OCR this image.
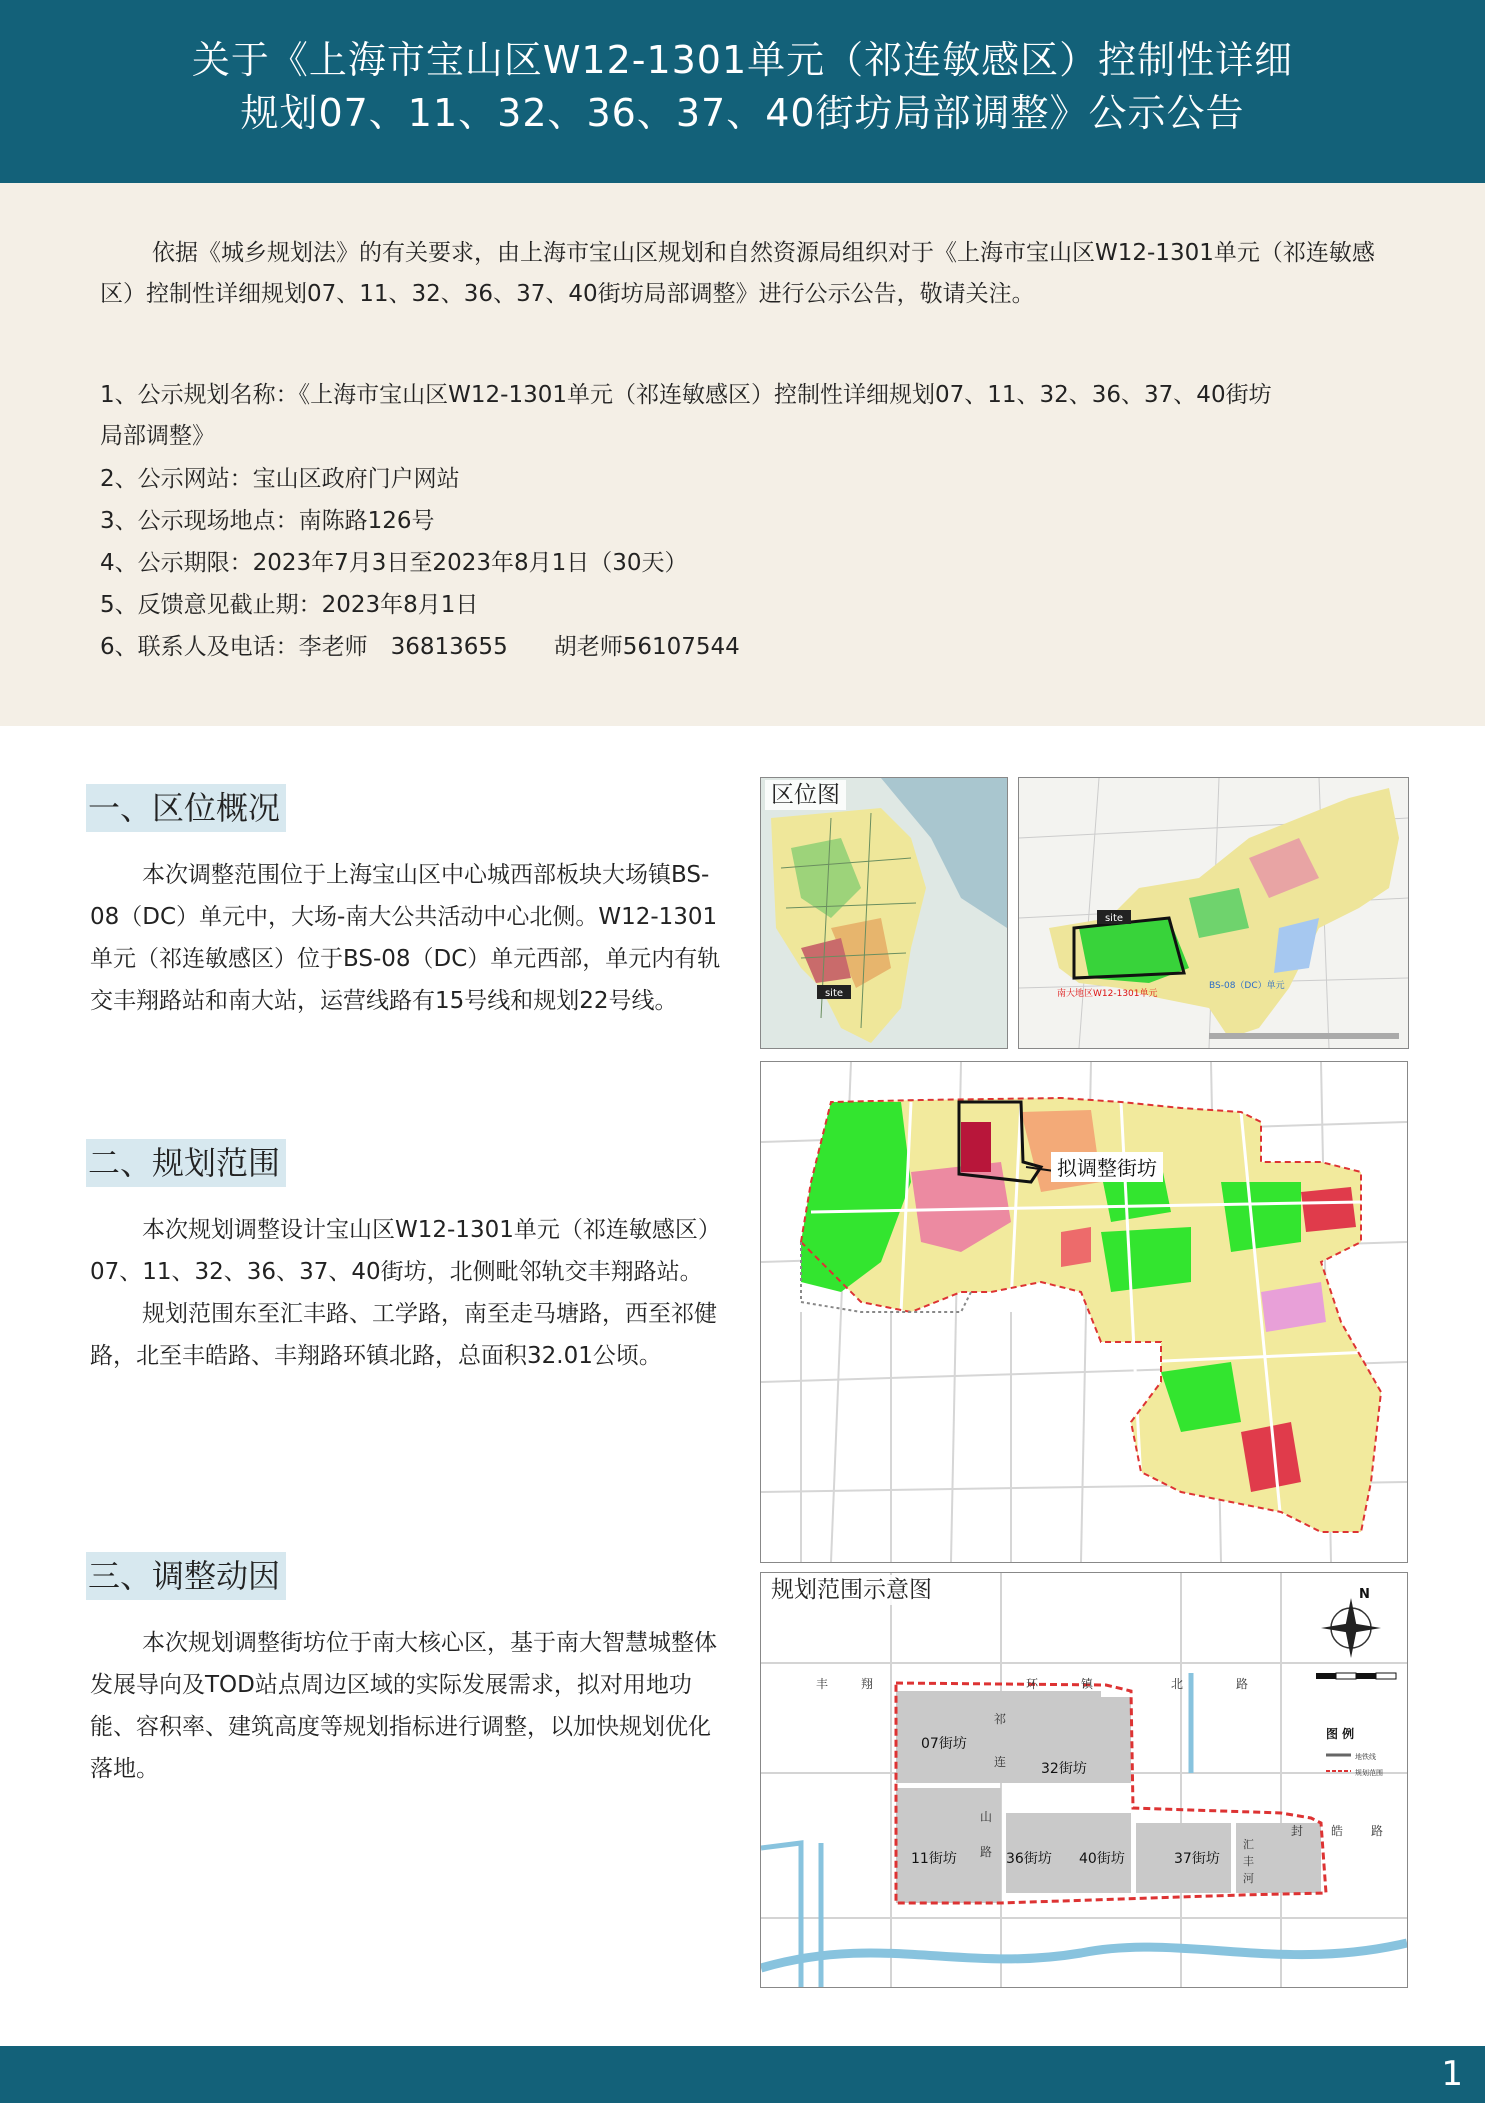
关于《上海市宝山区W12-1301单元（祁连敏感区）控制性详细
规划07、11、32、36、37、40街坊局部调整》公示公告
依据《城乡规划法》的有关要求，由上海市宝山区规划和自然资源局组织对于《上海市宝山区W12-1301单元（祁连敏感区）控制性详细规划07、11、32、36、37、40街坊局部调整》进行公示公告，敬请关注。
1、公示规划名称：《上海市宝山区W12-1301单元（祁连敏感区）控制性详细规划07、11、32、36、37、40街坊
局部调整》
2、公示网站：宝山区政府门户网站
3、公示现场地点：南陈路126号
4、公示期限：2023年7月3日至2023年8月1日（30天）
5、反馈意见截止期：2023年8月1日
6、联系人及电话：李老师　36813655　　胡老师56107544
一、区位概况

本次调整范围位于上海宝山区中心城西部板块大场镇BS-08（DC）单元中，大场-南大公共活动中心北侧。W12-1301单元（祁连敏感区）位于BS-08（DC）单元西部，单元内有轨交丰翔路站和南大站，运营线路有15号线和规划22号线。

二、规划范围

本次规划调整设计宝山区W12-1301单元（祁连敏感区）07、11、32、36、37、40街坊，北侧毗邻轨交丰翔路站。

规划范围东至汇丰路、工学路，南至走马塘路，西至祁健路，北至丰皓路、丰翔路环镇北路，总面积32.01公顷。

三、调整动因

本次规划调整街坊位于南大核心区，基于南大智慧城整体发展导向及TOD站点周边区域的实际发展需求，拟对用地功能、容积率、建筑高度等规划指标进行调整，以加快规划优化落地。

site
区位图
site
南大地区W12-1301单元
BS-08（DC）单元
拟调整街坊
07街坊
32街坊
11街坊	36街坊 40街坊	37街坊
丰	翔	环	镇	北	路
封 皓 路
祁
连
山
路
汇
丰
河
N
图 例
地铁线
规划范围
规划范围示意图
1
